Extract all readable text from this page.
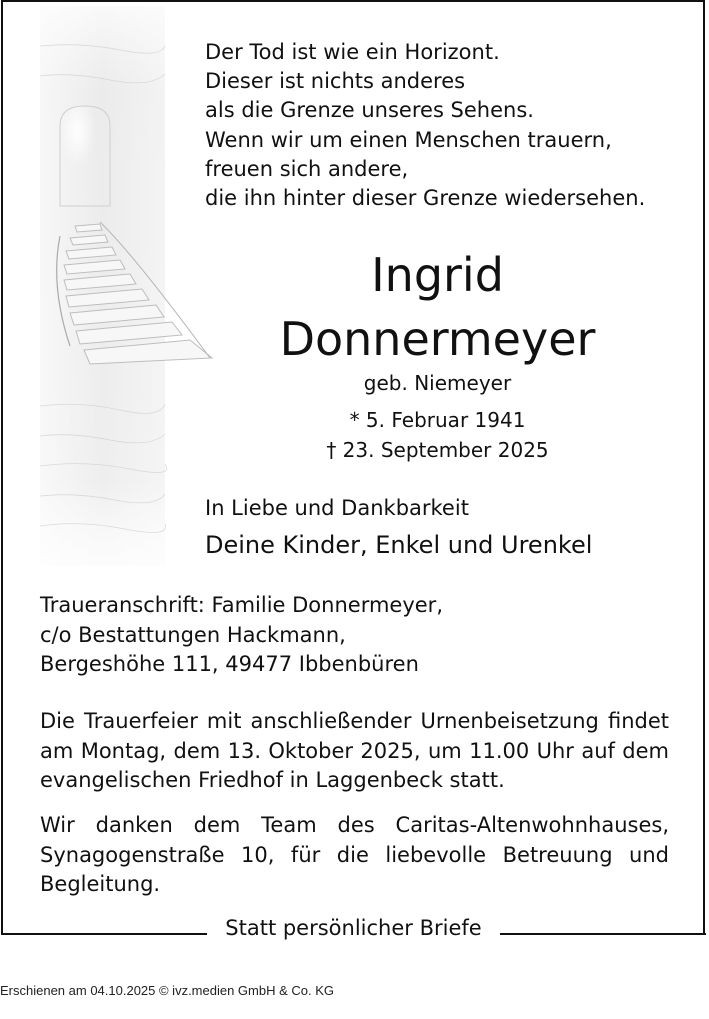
Statt persönlicher Briefe
Der Tod ist wie ein Horizont.
Dieser ist nichts anderes
als die Grenze unseres Sehens.
Wenn wir um einen Menschen trauern,
freuen sich andere,
die ihn hinter dieser Grenze wiedersehen.
Ingrid
Donnermeyer
geb. Niemeyer
* 5. Februar 1941
† 23. September 2025
In Liebe und Dankbarkeit
Deine Kinder, Enkel und Urenkel
Traueranschrift: Familie Donnermeyer,
c/o Bestattungen Hackmann,
Bergeshöhe 111, 49477 Ibbenbüren
Die Trauerfeier mit anschließender Urnenbeisetzung findet am Montag, dem 13. Oktober 2025, um 11.00 Uhr auf dem evangelischen Friedhof in Laggenbeck statt.
Wir danken dem Team des Caritas-Altenwohnhauses, Synagogenstraße 10, für die liebevolle Betreuung und Begleitung.
Erschienen am 04.10.2025 © ivz.medien GmbH & Co. KG
